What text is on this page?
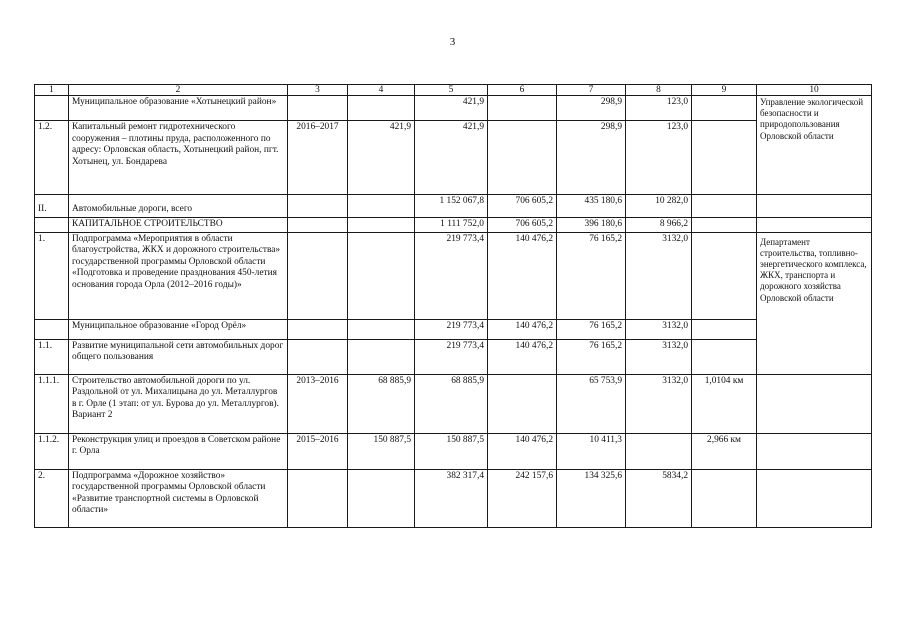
3
1	2	3	4	5	6	7	8	9	10
	Муниципальное образование «Хотынецкий район»			421,9		298,9	123,0		Управление экологической безопасности и природопользования Орловской области
1.2.	Капитальный ремонт гидротехнического сооружения – плотины пруда, расположенного по адресу: Орловская область, Хотынецкий район, пгт. Хотынец, ул. Бондарева	2016–2017	421,9	421,9		298,9	123,0		
II.	Автомобильные дороги, всего			1 152 067,8	706 605,2	435 180,6	10 282,0		
	КАПИТАЛЬНОЕ СТРОИТЕЛЬСТВО			1 111 752,0	706 605,2	396 180,6	8 966,2		
1.	Подпрограмма «Мероприятия в области благоустройства, ЖКХ и дорожного строительства» государственной программы Орловской области «Подготовка и проведение празднования 450-летия основания города Орла (2012–2016 годы)»			219 773,4	140 476,2	76 165,2	3132,0		Департамент строительства, топливно-энергетического комплекса, ЖКХ, транспорта и дорожного хозяйства Орловской области
	Муниципальное образование «Город Орёл»			219 773,4	140 476,2	76 165,2	3132,0		
1.1.	Развитие муниципальной сети автомобильных дорог общего пользования			219 773,4	140 476,2	76 165,2	3132,0		
1.1.1.	Строительство автомобильной дороги по ул. Раздольной от ул. Михалицына до ул. Металлургов в г. Орле (1 этап: от ул. Бурова до ул. Металлургов). Вариант 2	2013–2016	68 885,9	68 885,9		65 753,9	3132,0	1,0104 км	
1.1.2.	Реконструкция улиц и проездов в Советском районе г. Орла	2015–2016	150 887,5	150 887,5	140 476,2	10 411,3		2,966 км	
2.	Подпрограмма «Дорожное хозяйство» государственной программы Орловской области «Развитие транспортной системы в Орловской области»			382 317,4	242 157,6	134 325,6	5834,2		
